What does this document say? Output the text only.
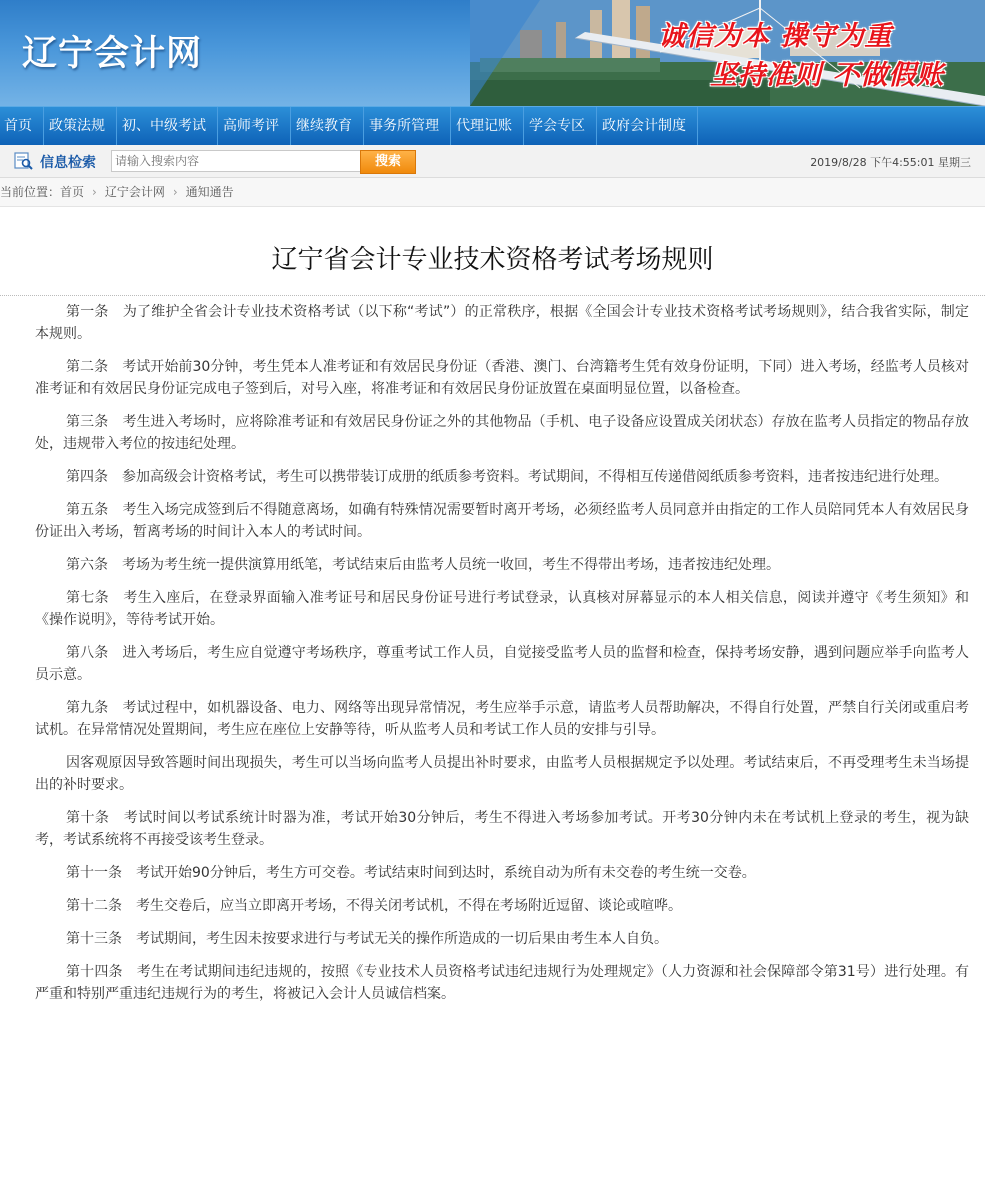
辽宁会计网	诚信为本 操守为重
坚持准则 不做假账
首页	政策法规	初、中级考试	高师考评	继续教育	事务所管理	代理记账	学会专区	政府会计制度
信息检索
请输入搜索内容	搜索	2019/8/28 下午4:55:01 星期三
当前位置：首页 › 辽宁会计网 › 通知通告
辽宁省会计专业技术资格考试考场规则

第一条　为了维护全省会计专业技术资格考试（以下称“考试”）的正常秩序，根据《全国会计专业技术资格考试考场规则》，结合我省实际，制定本规则。

第二条　考试开始前30分钟，考生凭本人准考证和有效居民身份证（香港、澳门、台湾籍考生凭有效身份证明，下同）进入考场，经监考人员核对准考证和有效居民身份证完成电子签到后，对号入座，将准考证和有效居民身份证放置在桌面明显位置，以备检查。

第三条　考生进入考场时，应将除准考证和有效居民身份证之外的其他物品（手机、电子设备应设置成关闭状态）存放在监考人员指定的物品存放处，违规带入考位的按违纪处理。

第四条　参加高级会计资格考试，考生可以携带装订成册的纸质参考资料。考试期间，不得相互传递借阅纸质参考资料，违者按违纪进行处理。

第五条　考生入场完成签到后不得随意离场，如确有特殊情况需要暂时离开考场，必须经监考人员同意并由指定的工作人员陪同凭本人有效居民身份证出入考场，暂离考场的时间计入本人的考试时间。

第六条　考场为考生统一提供演算用纸笔，考试结束后由监考人员统一收回，考生不得带出考场，违者按违纪处理。

第七条　考生入座后，在登录界面输入准考证号和居民身份证号进行考试登录，认真核对屏幕显示的本人相关信息，阅读并遵守《考生须知》和《操作说明》，等待考试开始。

第八条　进入考场后，考生应自觉遵守考场秩序，尊重考试工作人员，自觉接受监考人员的监督和检查，保持考场安静，遇到问题应举手向监考人员示意。

第九条　考试过程中，如机器设备、电力、网络等出现异常情况，考生应举手示意，请监考人员帮助解决，不得自行处置，严禁自行关闭或重启考试机。在异常情况处置期间，考生应在座位上安静等待，听从监考人员和考试工作人员的安排与引导。

因客观原因导致答题时间出现损失，考生可以当场向监考人员提出补时要求，由监考人员根据规定予以处理。考试结束后，不再受理考生未当场提出的补时要求。

第十条　考试时间以考试系统计时器为准，考试开始30分钟后，考生不得进入考场参加考试。开考30分钟内未在考试机上登录的考生，视为缺考，考试系统将不再接受该考生登录。

第十一条　考试开始90分钟后，考生方可交卷。考试结束时间到达时，系统自动为所有未交卷的考生统一交卷。

第十二条　考生交卷后，应当立即离开考场，不得关闭考试机，不得在考场附近逗留、谈论或喧哗。

第十三条　考试期间，考生因未按要求进行与考试无关的操作所造成的一切后果由考生本人自负。

第十四条　考生在考试期间违纪违规的，按照《专业技术人员资格考试违纪违规行为处理规定》（人力资源和社会保障部令第31号）进行处理。有严重和特别严重违纪违规行为的考生，将被记入会计人员诚信档案。
